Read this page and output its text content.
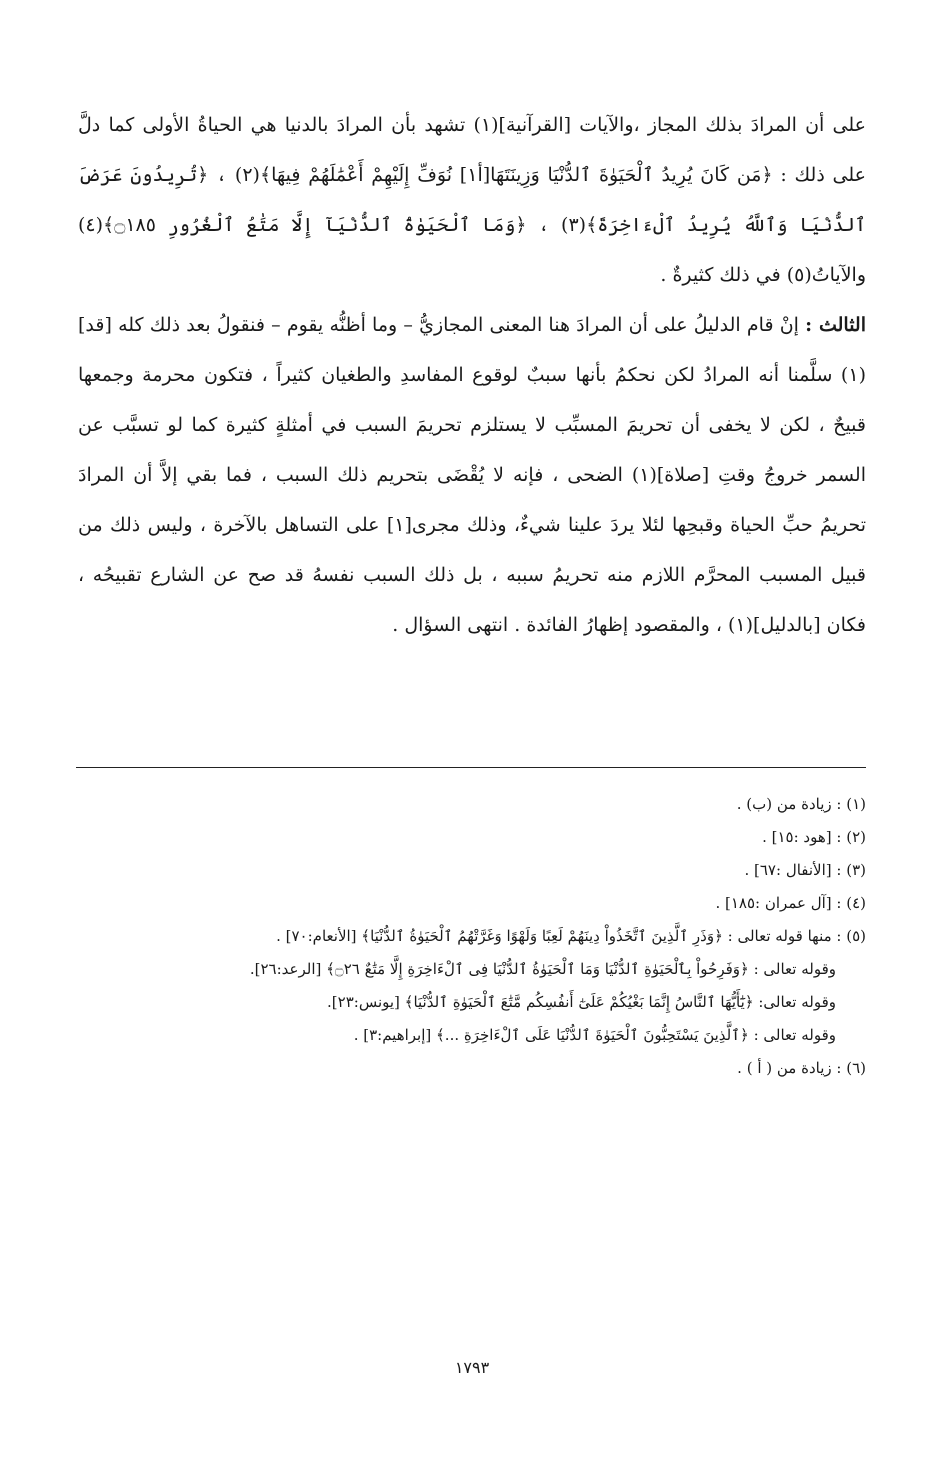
على أن المرادَ بذلك المجاز ،والآيات [القرآنية](١) تشهد بأن المرادَ بالدنيا هي الحياةُ الأولى كما دلَّ على ذلك : ﴿مَن كَانَ يُرِيدُ ٱلْحَيَوٰةَ ٱلدُّنْيَا وَزِينَتَهَا[أ١] نُوَفِّ إِلَيْهِمْ أَعْمَٰلَهُمْ فِيهَا﴾(٢) ، ﴿تُرِيدُونَ عَرَضَ ٱلدُّنْيَا وَٱللَّهُ يُرِيدُ ٱلْءَاخِرَةَ﴾(٣) ، ﴿وَمَا ٱلْحَيَوٰةُ ٱلدُّنْيَآ إِلَّا مَتَٰعُ ٱلْغُرُورِ ۝١٨٥﴾(٤) والآياتُ(٥) في ذلك كثيرةٌ .

الثالث : إنْ قام الدليلُ على أن المرادَ هنا المعنى المجازيُّ – وما أظنُّه يقوم – فنقولُ بعد ذلك كله [قد](١) سلَّمنا أنه المرادُ لكن نحكمُ بأنها سببٌ لوقوع المفاسدِ والطغيان كثيراً ، فتكون محرمة وجمعها قبيحٌ ، لكن لا يخفى أن تحريمَ المسبِّب لا يستلزم تحريمَ السبب في أمثلةٍ كثيرة كما لو تسبَّب عن السمر خروجُ وقتِ [صلاة](١) الضحى ، فإنه لا يُقْضَى بتحريم ذلك السبب ، فما بقي إلاَّ أن المرادَ تحريمُ حبِّ الحياة وقبحِها لئلا يردَ علينا شيءٌ، وذلك مجرى[١] على التساهل بالآخرة ، وليس ذلك من قبيل المسبب المحرَّم اللازم منه تحريمُ سببه ، بل ذلك السبب نفسهُ قد صح عن الشارع تقبيحُه ، فكان [بالدليل](١) ، والمقصود إظهارُ الفائدة . انتهى السؤال .

(١) : زيادة من (ب) .
(٢) : [هود :١٥] .
(٣) : [الأنفال :٦٧] .
(٤) : [آل عمران :١٨٥] .
(٥) : منها قوله تعالى : ﴿وَذَرِ ٱلَّذِينَ ٱتَّخَذُواْ دِينَهُمْ لَعِبًا وَلَهْوًا وَغَرَّتْهُمُ ٱلْحَيَوٰةُ ٱلدُّنْيَا﴾ [الأنعام:٧٠] .
وقوله تعالى : ﴿وَفَرِحُواْ بِٱلْحَيَوٰةِ ٱلدُّنْيَا وَمَا ٱلْحَيَوٰةُ ٱلدُّنْيَا فِى ٱلْءَاخِرَةِ إِلَّا مَتَٰعٌ ۝٢٦﴾ [الرعد:٢٦].
وقوله تعالى: ﴿يَٰٓأَيُّهَا ٱلنَّاسُ إِنَّمَا بَغْيُكُمْ عَلَىٰٓ أَنفُسِكُم مَّتَٰعَ ٱلْحَيَوٰةِ ٱلدُّنْيَا﴾ [يونس:٢٣].
وقوله تعالى : ﴿ٱلَّذِينَ يَسْتَحِبُّونَ ٱلْحَيَوٰةَ ٱلدُّنْيَا عَلَى ٱلْءَاخِرَةِ ...﴾ [إبراهيم:٣] .
(٦) : زيادة من ( أ ) .
١٧٩٣
